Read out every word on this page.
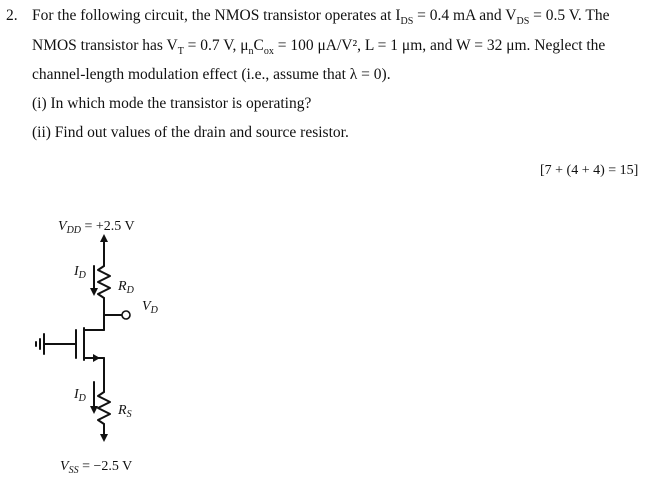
2. For the following circuit, the NMOS transistor operates at $I_{DS} = 0.4$ mA and $V_{DS} = 0.5$ V. The
NMOS transistor has $V_T = 0.7$ V, $\mu_nC_{ox} = 100$ μA/V², L = 1 μm, and W = 32 μm. Neglect the
channel-length modulation effect (i.e., assume that λ = 0).
(i) In which mode the transistor is operating?
(ii) Find out values of the drain and source resistor.
[7 + (4 + 4) = 15]
$V_{DD} = +2.5$ V
$I_D$
$R_D$
$V_D$
$I_D$
$R_S$
$V_{SS} = -2.5$ V
